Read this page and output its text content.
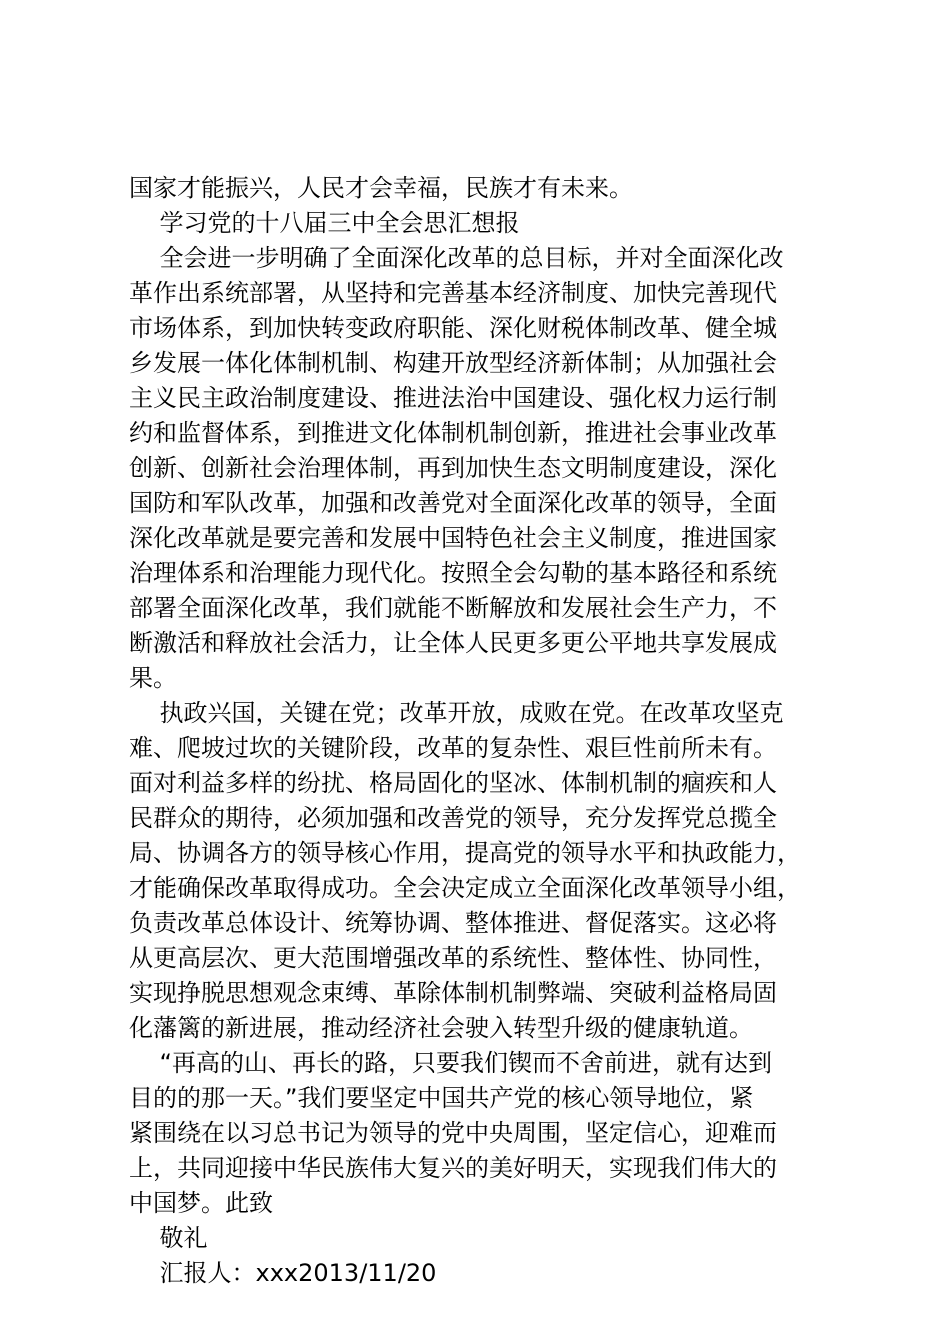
国家才能振兴，人民才会幸福，民族才有未来。
学习党的十八届三中全会思汇想报
全会进一步明确了全面深化改革的总目标，并对全面深化改
革作出系统部署，从坚持和完善基本经济制度、加快完善现代
市场体系，到加快转变政府职能、深化财税体制改革、健全城
乡发展一体化体制机制、构建开放型经济新体制；从加强社会
主义民主政治制度建设、推进法治中国建设、强化权力运行制
约和监督体系，到推进文化体制机制创新，推进社会事业改革
创新、创新社会治理体制，再到加快生态文明制度建设，深化
国防和军队改革，加强和改善党对全面深化改革的领导，全面
深化改革就是要完善和发展中国特色社会主义制度，推进国家
治理体系和治理能力现代化。按照全会勾勒的基本路径和系统
部署全面深化改革，我们就能不断解放和发展社会生产力，不
断激活和释放社会活力，让全体人民更多更公平地共享发展成
果。
执政兴国，关键在党；改革开放，成败在党。在改革攻坚克
难、爬坡过坎的关键阶段，改革的复杂性、艰巨性前所未有。
面对利益多样的纷扰、格局固化的坚冰、体制机制的痼疾和人
民群众的期待，必须加强和改善党的领导，充分发挥党总揽全
局、协调各方的领导核心作用，提高党的领导水平和执政能力，
才能确保改革取得成功。全会决定成立全面深化改革领导小组，
负责改革总体设计、统筹协调、整体推进、督促落实。这必将
从更高层次、更大范围增强改革的系统性、整体性、协同性，
实现挣脱思想观念束缚、革除体制机制弊端、突破利益格局固
化藩篱的新进展，推动经济社会驶入转型升级的健康轨道。
“再高的山、再长的路，只要我们锲而不舍前进，就有达到
目的的那一天。”我们要坚定中国共产党的核心领导地位，紧
紧围绕在以习总书记为领导的党中央周围，坚定信心，迎难而
上，共同迎接中华民族伟大复兴的美好明天，实现我们伟大的
中国梦。此致
敬礼
汇报人：xxx2013/11/20
